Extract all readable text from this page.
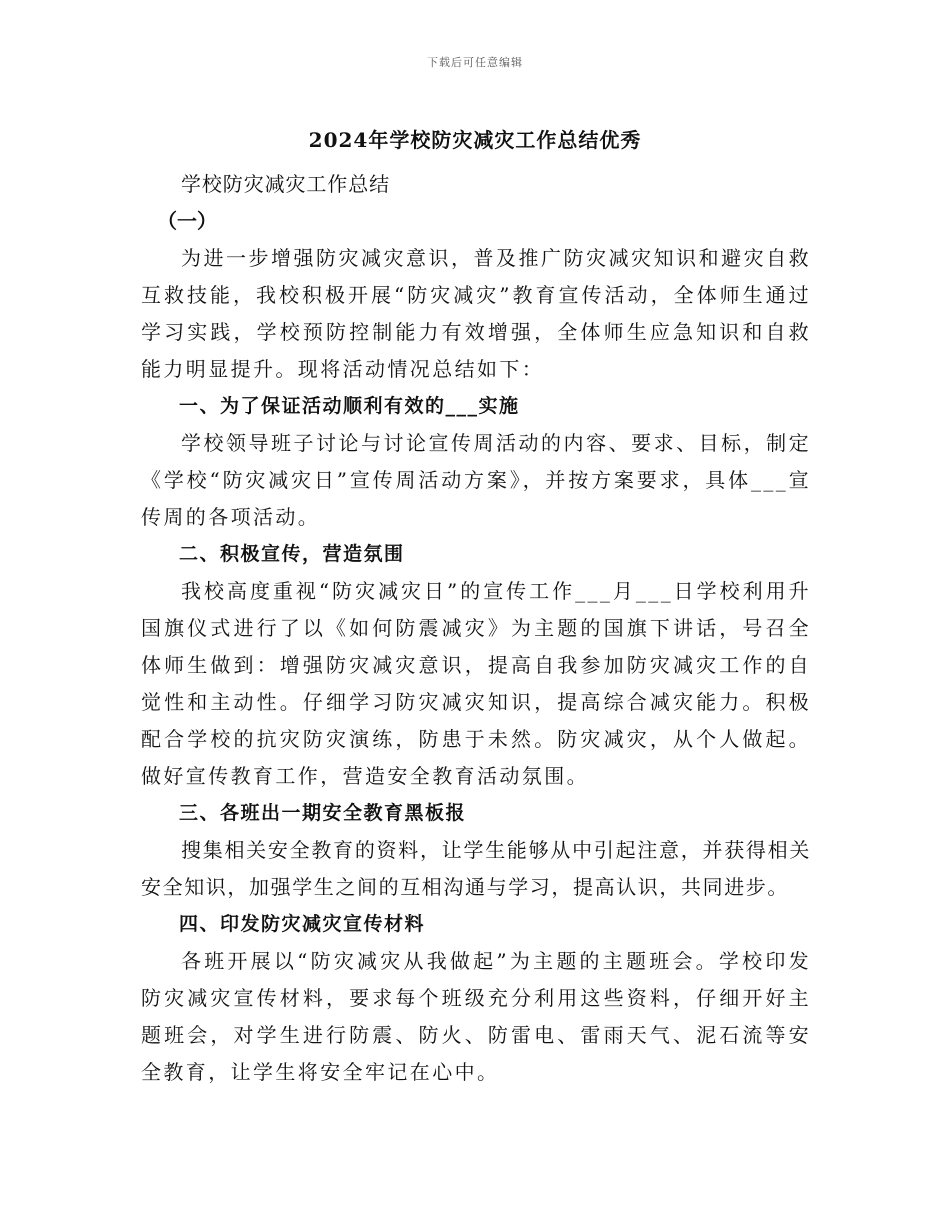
下载后可任意编辑
2024年学校防灾减灾工作总结优秀
学校防灾减灾工作总结
（一）

为进一步增强防灾减灾意识，普及推广防灾减灾知识和避灾自救互救技能，我校积极开展“防灾减灾”教育宣传活动，全体师生通过学习实践，学校预防控制能力有效增强，全体师生应急知识和自救能力明显提升。现将活动情况总结如下：

一、为了保证活动顺利有效的___实施

学校领导班子讨论与讨论宣传周活动的内容、要求、目标，制定《学校“防灾减灾日”宣传周活动方案》，并按方案要求，具体___宣传周的各项活动。

二、积极宣传，营造氛围

我校高度重视“防灾减灾日”的宣传工作___月___日学校利用升国旗仪式进行了以《如何防震减灾》为主题的国旗下讲话，号召全体师生做到：增强防灾减灾意识，提高自我参加防灾减灾工作的自觉性和主动性。仔细学习防灾减灾知识，提高综合减灾能力。积极配合学校的抗灾防灾演练，防患于未然。防灾减灾，从个人做起。做好宣传教育工作，营造安全教育活动氛围。

三、各班出一期安全教育黑板报

搜集相关安全教育的资料，让学生能够从中引起注意，并获得相关安全知识，加强学生之间的互相沟通与学习，提高认识，共同进步。

四、印发防灾减灾宣传材料

各班开展以“防灾减灾从我做起”为主题的主题班会。学校印发防灾减灾宣传材料，要求每个班级充分利用这些资料，仔细开好主题班会，对学生进行防震、防火、防雷电、雷雨天气、泥石流等安全教育，让学生将安全牢记在心中。
